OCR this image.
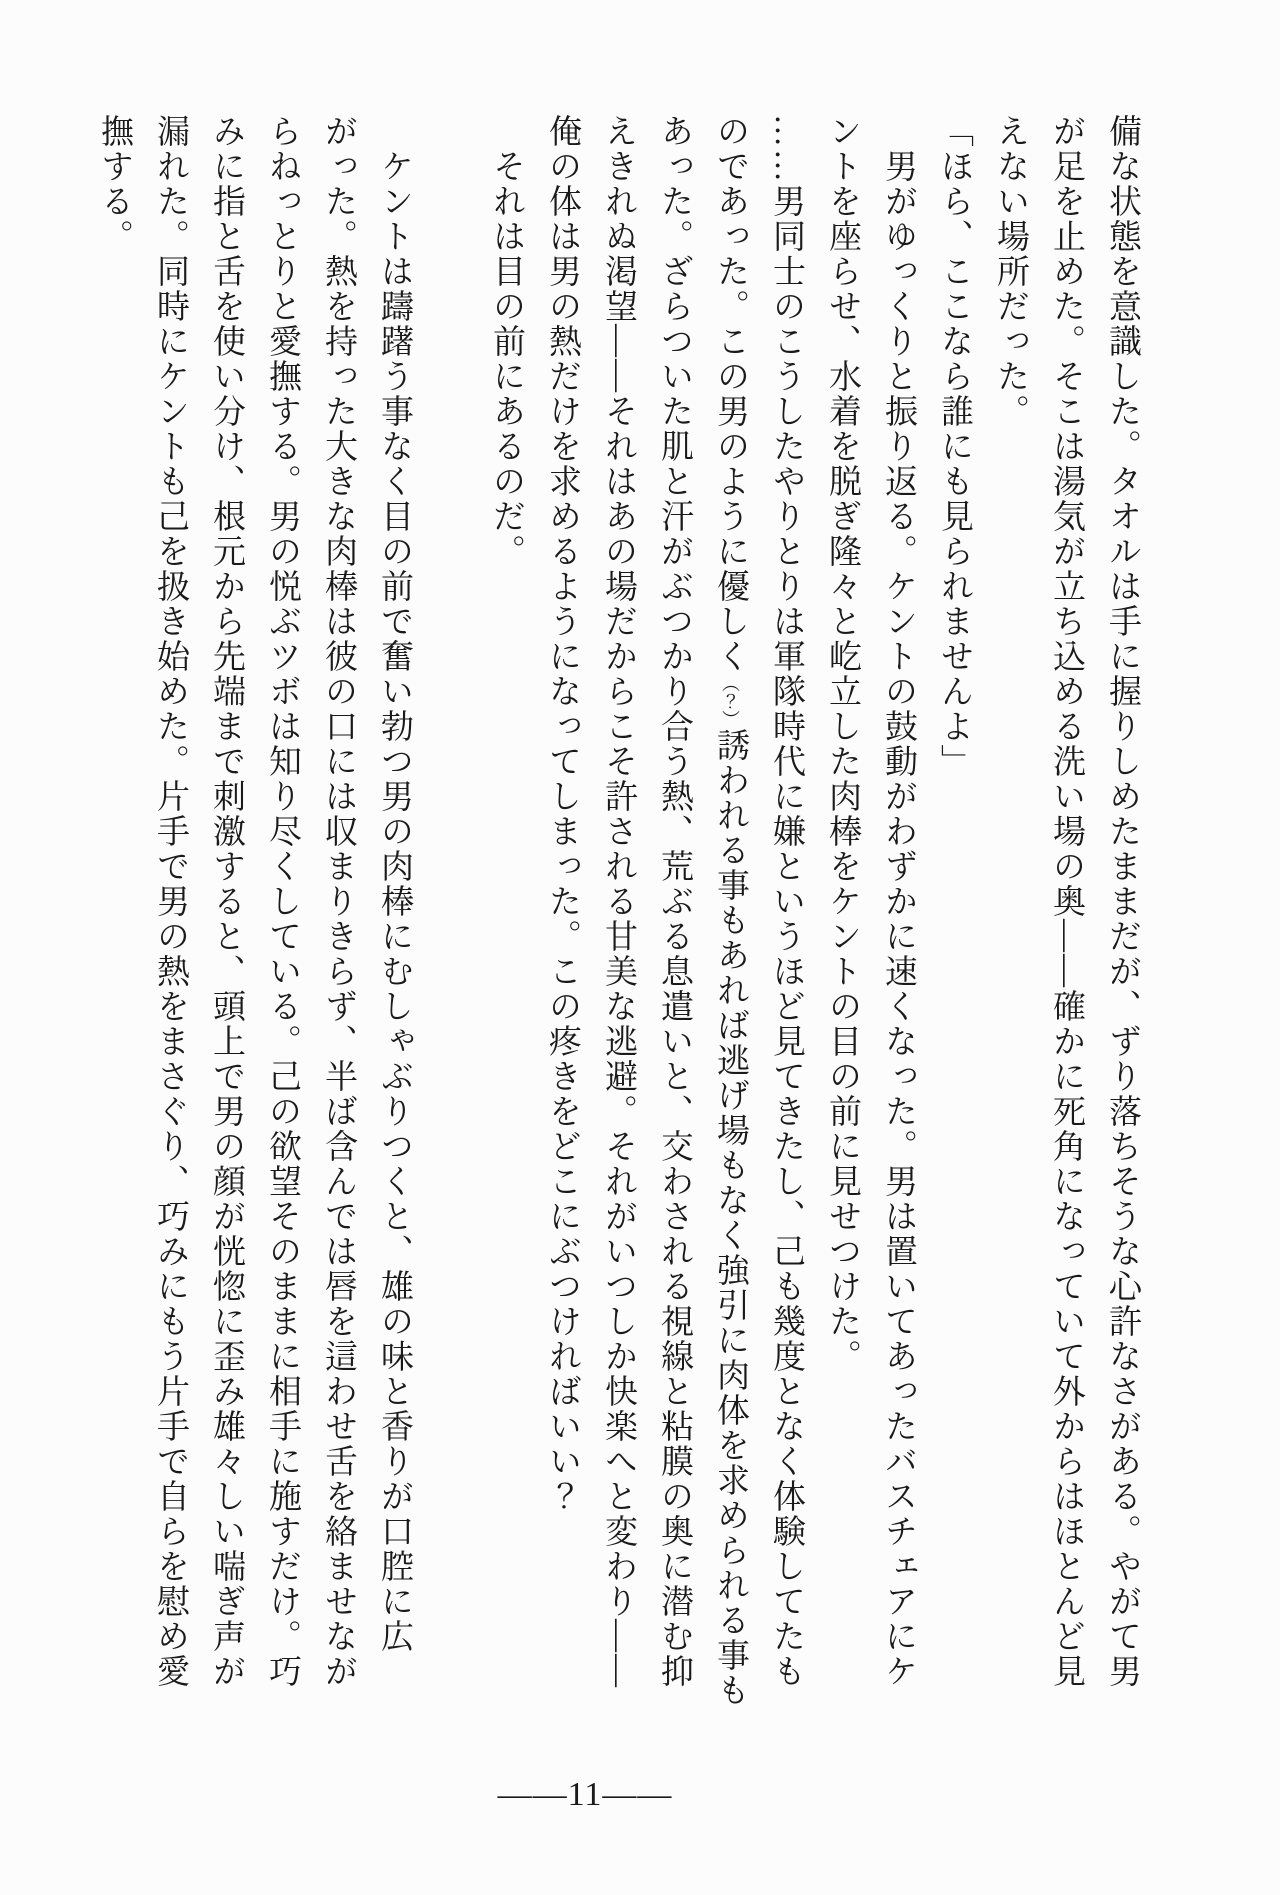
備な状態を意識した。タオルは手に握りしめたままだが、ずり落ちそうな心許なさがある。やがて男
が足を止めた。そこは湯気が立ち込める洗い場の奥——確かに死角になっていて外からはほとんど見
えない場所だった。
「ほら、ここなら誰にも見られませんよ」
男がゆっくりと振り返る。ケントの鼓動がわずかに速くなった。男は置いてあったバスチェアにケ
ントを座らせ、水着を脱ぎ隆々と屹立した肉棒をケントの目の前に見せつけた。
……男同士のこうしたやりとりは軍隊時代に嫌というほど見てきたし、己も幾度となく体験してたも
のであった。この男のように優しく（？）誘われる事もあれば逃げ場もなく強引に肉体を求められる事も
あった。ざらついた肌と汗がぶつかり合う熱、荒ぶる息遣いと、交わされる視線と粘膜の奥に潜む抑
えきれぬ渇望——それはあの場だからこそ許される甘美な逃避。それがいつしか快楽へと変わり——
俺の体は男の熱だけを求めるようになってしまった。この疼きをどこにぶつければいい？
それは目の前にあるのだ。
ケントは躊躇う事なく目の前で奮い勃つ男の肉棒にむしゃぶりつくと、雄の味と香りが口腔に広
がった。熱を持った大きな肉棒は彼の口には収まりきらず、半ば含んでは唇を這わせ舌を絡ませなが
らねっとりと愛撫する。男の悦ぶツボは知り尽くしている。己の欲望そのままに相手に施すだけ。巧
みに指と舌を使い分け、根元から先端まで刺激すると、頭上で男の顔が恍惚に歪み雄々しい喘ぎ声が
漏れた。同時にケントも己を扱き始めた。片手で男の熱をまさぐり、巧みにもう片手で自らを慰め愛
撫する。
——11——
